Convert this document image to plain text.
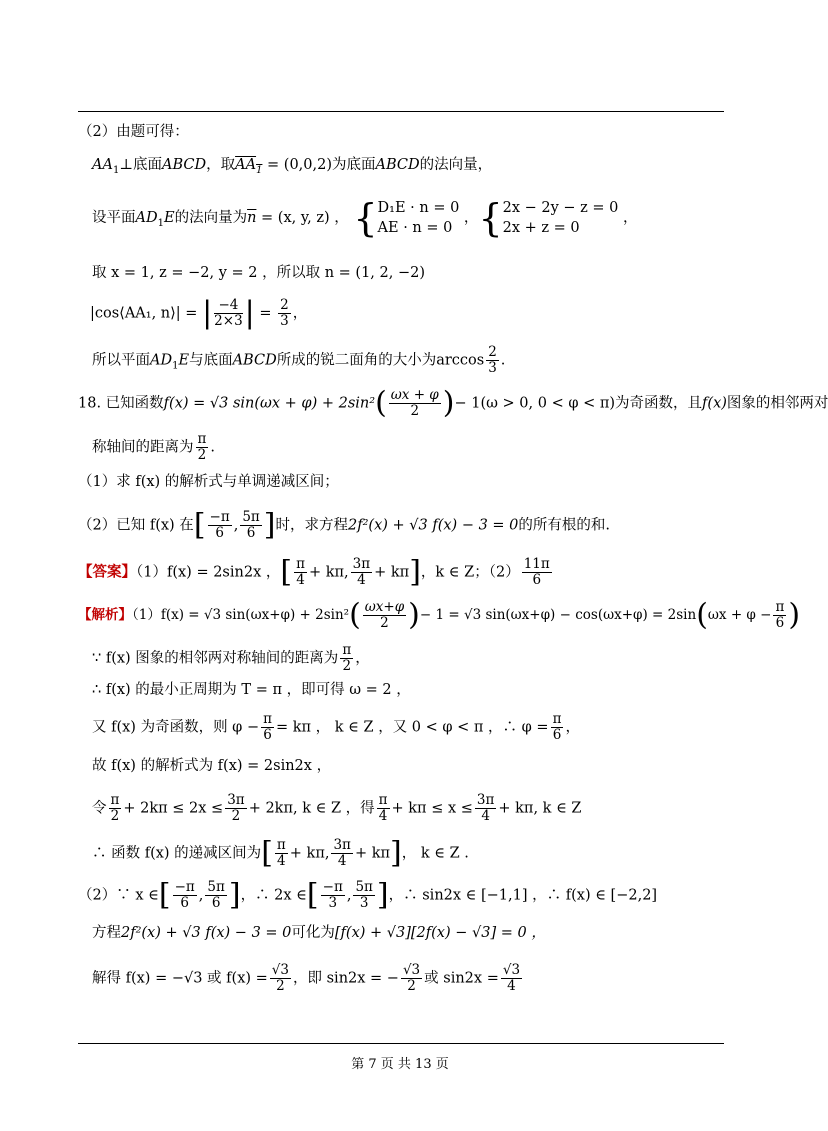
（2）由题可得：
$AA_1\perp$底面ABCD，取$AA_1 = (0,0,2)$为底面ABCD的法向量，
设平面$AD_1E$的法向量为$\overline{n} = (x$, y, z) ， { D₁E · n = 0
AE · n = 0
，{ 2x − 2y − z = 0
2x + z = 0
，
取 x = 1, z = −2, y = 2 ，所以取 n = (1, 2, −2)
|cos⟨AA₁, n⟩| = | $\frac{-4}{2\times 3}$ | = $\frac{2}{3}$ ，
所以平面$AD_1E$与底面ABCD所成的锐二面角的大小为$\arccos \frac{2}{3}$ .
18. 已知函数f(x) = √3 $\sin(\omega x + \varphi) + 2\sin^2( \frac{\omega x + \varphi}{2}$ )− 1(ω > 0, 0 < φ < π)为奇函数，且f(x)图象的相邻两对
称轴间的距离为 $\frac{\pi}{2}$ .
（1）求 f(x) 的解析式与单调递减区间；
（2）已知 f(x) 在[ $\frac{-\pi}{6}$ , $\frac{5\pi}{6}$ ]时，求方程2f²(x) + √3 f(x) − 3 = 0的所有根的和.
【答案】（1）f(x) = 2sin2x ，[ $\frac{\pi}{4} + k\pi$, $\frac{3\pi}{4} + k\pi$]，k ∈ Z；$(2) \frac{11\pi}{6}$
【解析】（1）f(x) = √3 $\sin(\omega x+\varphi) + 2\sin^2( \frac{\omega x+\varphi}{2}$ )− 1 = √3 $\sin(\omega x+\varphi) - \cos(\omega x+\varphi) = 2\sin(\omega x + \varphi - \frac{\pi}{6}$ )
∵ f(x) 图象的相邻两对称轴间的距离为 $\frac{\pi}{2}$ ，
∴ f(x) 的最小正周期为 T = π ，即可得 ω = 2 ，
又 f(x) 为奇函数，则 $\varphi - \frac{\pi}{6} = k\pi$ ， k ∈ Z ，又 0 < φ < π ，∴ $\varphi = \frac{\pi}{6}$ ，
故 f(x) 的解析式为 f(x) = 2sin2x ，
令 $\frac{\pi}{2} + 2k\pi \le 2x \le \frac{3\pi}{2} + 2k\pi$, k ∈ Z ，得 $\frac{\pi}{4} + k\pi \le x \le \frac{3\pi}{4} + k\pi$, k ∈ Z
∴ 函数 f(x) 的递减区间为[ $\frac{\pi}{4} + k\pi$, $\frac{3\pi}{4} + k\pi$]， k ∈ Z .
（2）∵ x ∈[ $\frac{-\pi}{6}$ , $\frac{5\pi}{6}$ ]，∴ 2x ∈[ $\frac{-\pi}{3}$ , $\frac{5\pi}{3}$ ]，∴ sin2x ∈ [−1,1] ，∴ f(x) ∈ [−2,2]
方程2f²(x) + √3 f(x) − 3 = 0可化为[f(x) + √3][2f(x) − √3] = 0 ，
解得 f(x) = −√3 或 $f(x) = \frac{√3}{2}$ ，即 sin2x = − $\frac{√3}{2}$ 或 $\sin 2x = \frac{√3}{4}$
第 7 页 共 13 页
